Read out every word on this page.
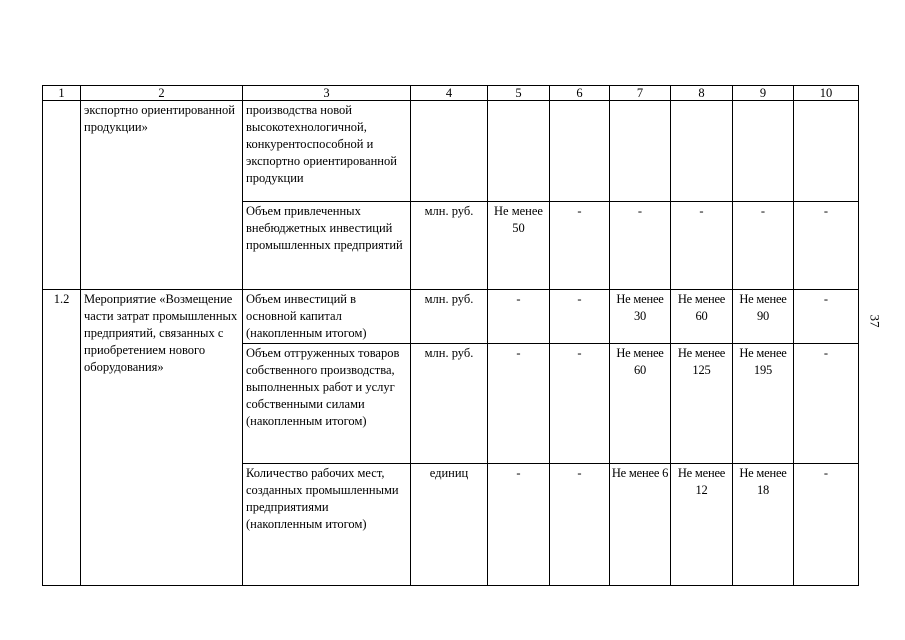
1	2	3	4	5	6	7	8	9	10
	экспортно ориентированной продукции»	производства новой высокотехнологичной, конкурентоспособной и экспортно ориентированной продукции							
		Объем привлеченных внебюджетных инвестиций промышленных предприятий	млн. руб.	Не менее 50	-	-	-	-	-
1.2	Мероприятие «Возмещение части затрат промышленных предприятий, связанных с приобретением нового оборудования»	Объем инвестиций в основной капитал (накопленным итогом)	млн. руб.	-	-	Не менее 30	Не менее 60	Не менее 90	-
		Объем отгруженных товаров собственного производства, выполненных работ и услуг собственными силами (накопленным итогом)	млн. руб.	-	-	Не менее 60	Не менее 125	Не менее 195	-
		Количество рабочих мест, созданных промышленными предприятиями (накопленным итогом)	единиц	-	-	Не менее 6	Не менее 12	Не менее 18	-
37
